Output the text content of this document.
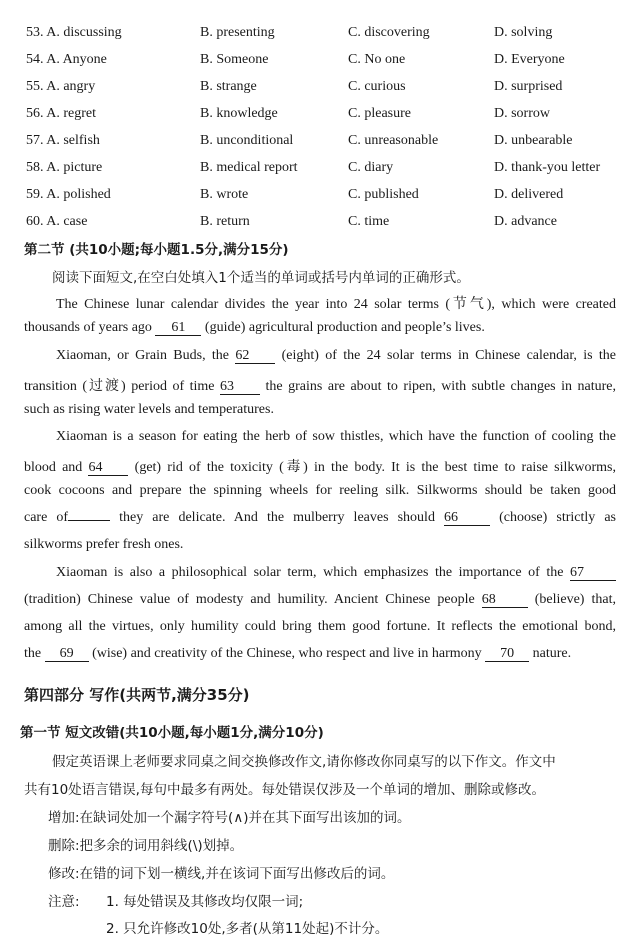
53. A. discussing	B. presenting	C. discovering	D. solving
54. A. Anyone	B. Someone	C. No one	D. Everyone
55. A. angry	B. strange	C. curious	D. surprised
56. A. regret	B. knowledge	C. pleasure	D. sorrow
57. A. selfish	B. unconditional	C. unreasonable	D. unbearable
58. A. picture	B. medical report	C. diary	D. thank-you letter
59. A. polished	B. wrote	C. published	D. delivered
60. A. case	B. return	C. time	D. advance
第二节 (共10小题;每小题1.5分,满分15分)
阅读下面短文,在空白处填入1个适当的单词或括号内单词的正确形式。
The Chinese lunar calendar divides the year into 24 solar terms (节气), which were created
thousands of years ago 61 (guide) agricultural production and people’s lives.
Xiaoman, or Grain Buds, the 62 (eight) of the 24 solar terms in Chinese calendar, is the
transition (过渡) period of time 63 the grains are about to ripen, with subtle changes in nature,
such as rising water levels and temperatures.
Xiaoman is a season for eating the herb of sow thistles, which have the function of cooling the
blood and 64 (get) rid of the toxicity (毒) in the body. It is the best time to raise silkworms,
cook cocoons and prepare the spinning wheels for reeling silk. Silkworms should be taken good
care of	they are delicate. And the mulberry leaves should 66 (choose) strictly as
silkworms prefer fresh ones.
Xiaoman is also a philosophical solar term, which emphasizes the importance of the 67
(tradition) Chinese value of modesty and humility. Ancient Chinese people 68 (believe) that,
among all the virtues, only humility could bring them good fortune. It reflects the emotional bond,
the 69 (wise) and creativity of the Chinese, who respect and live in harmony 70 nature.
第四部分 写作(共两节,满分35分)
第一节 短文改错(共10小题,每小题1分,满分10分)
假定英语课上老师要求同桌之间交换修改作文,请你修改你同桌写的以下作文。作文中
共有10处语言错误,每句中最多有两处。每处错误仅涉及一个单词的增加、删除或修改。
增加:在缺词处加一个漏字符号(∧)并在其下面写出该加的词。
删除:把多余的词用斜线(\)划掉。
修改:在错的词下划一横线,并在该词下面写出修改后的词。
注意: 1. 每处错误及其修改均仅限一词;
2. 只允许修改10处,多者(从第11处起)不计分。
